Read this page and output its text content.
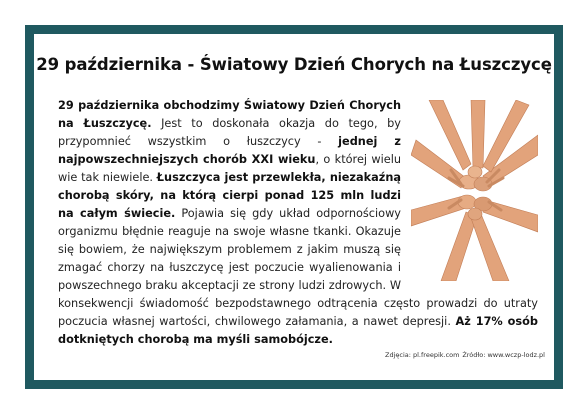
29 października - Światowy Dzień Chorych na Łuszczycę
29 października obchodzimy Światowy Dzień Chorych na Łuszczycę. Jest to doskonała okazja do tego, by przypomnieć wszystkim o łuszczycy - jednej z najpowszechniejszych chorób XXI wieku, o której wielu wie tak niewiele. Łuszczyca jest przewlekła, niezakaźną chorobą skóry, na którą cierpi ponad 125 mln ludzi na całym świecie. Pojawia się gdy układ odpornościowy organizmu błędnie reaguje na swoje własne tkanki. Okazuje się bowiem, że największym problemem z jakim muszą się zmagać chorzy na łuszczycę jest poczucie wyalienowania i powszechnego braku akceptacji ze strony ludzi zdrowych. W konsekwencji świadomość bezpodstawnego odtrącenia często prowadzi do utraty poczucia własnej wartości, chwilowego załamania, a nawet depresji. Aż 17% osób dotkniętych chorobą ma myśli samobójcze.
Zdjęcia: pl.freepik.com Źródło: www.wczp-lodz.pl
